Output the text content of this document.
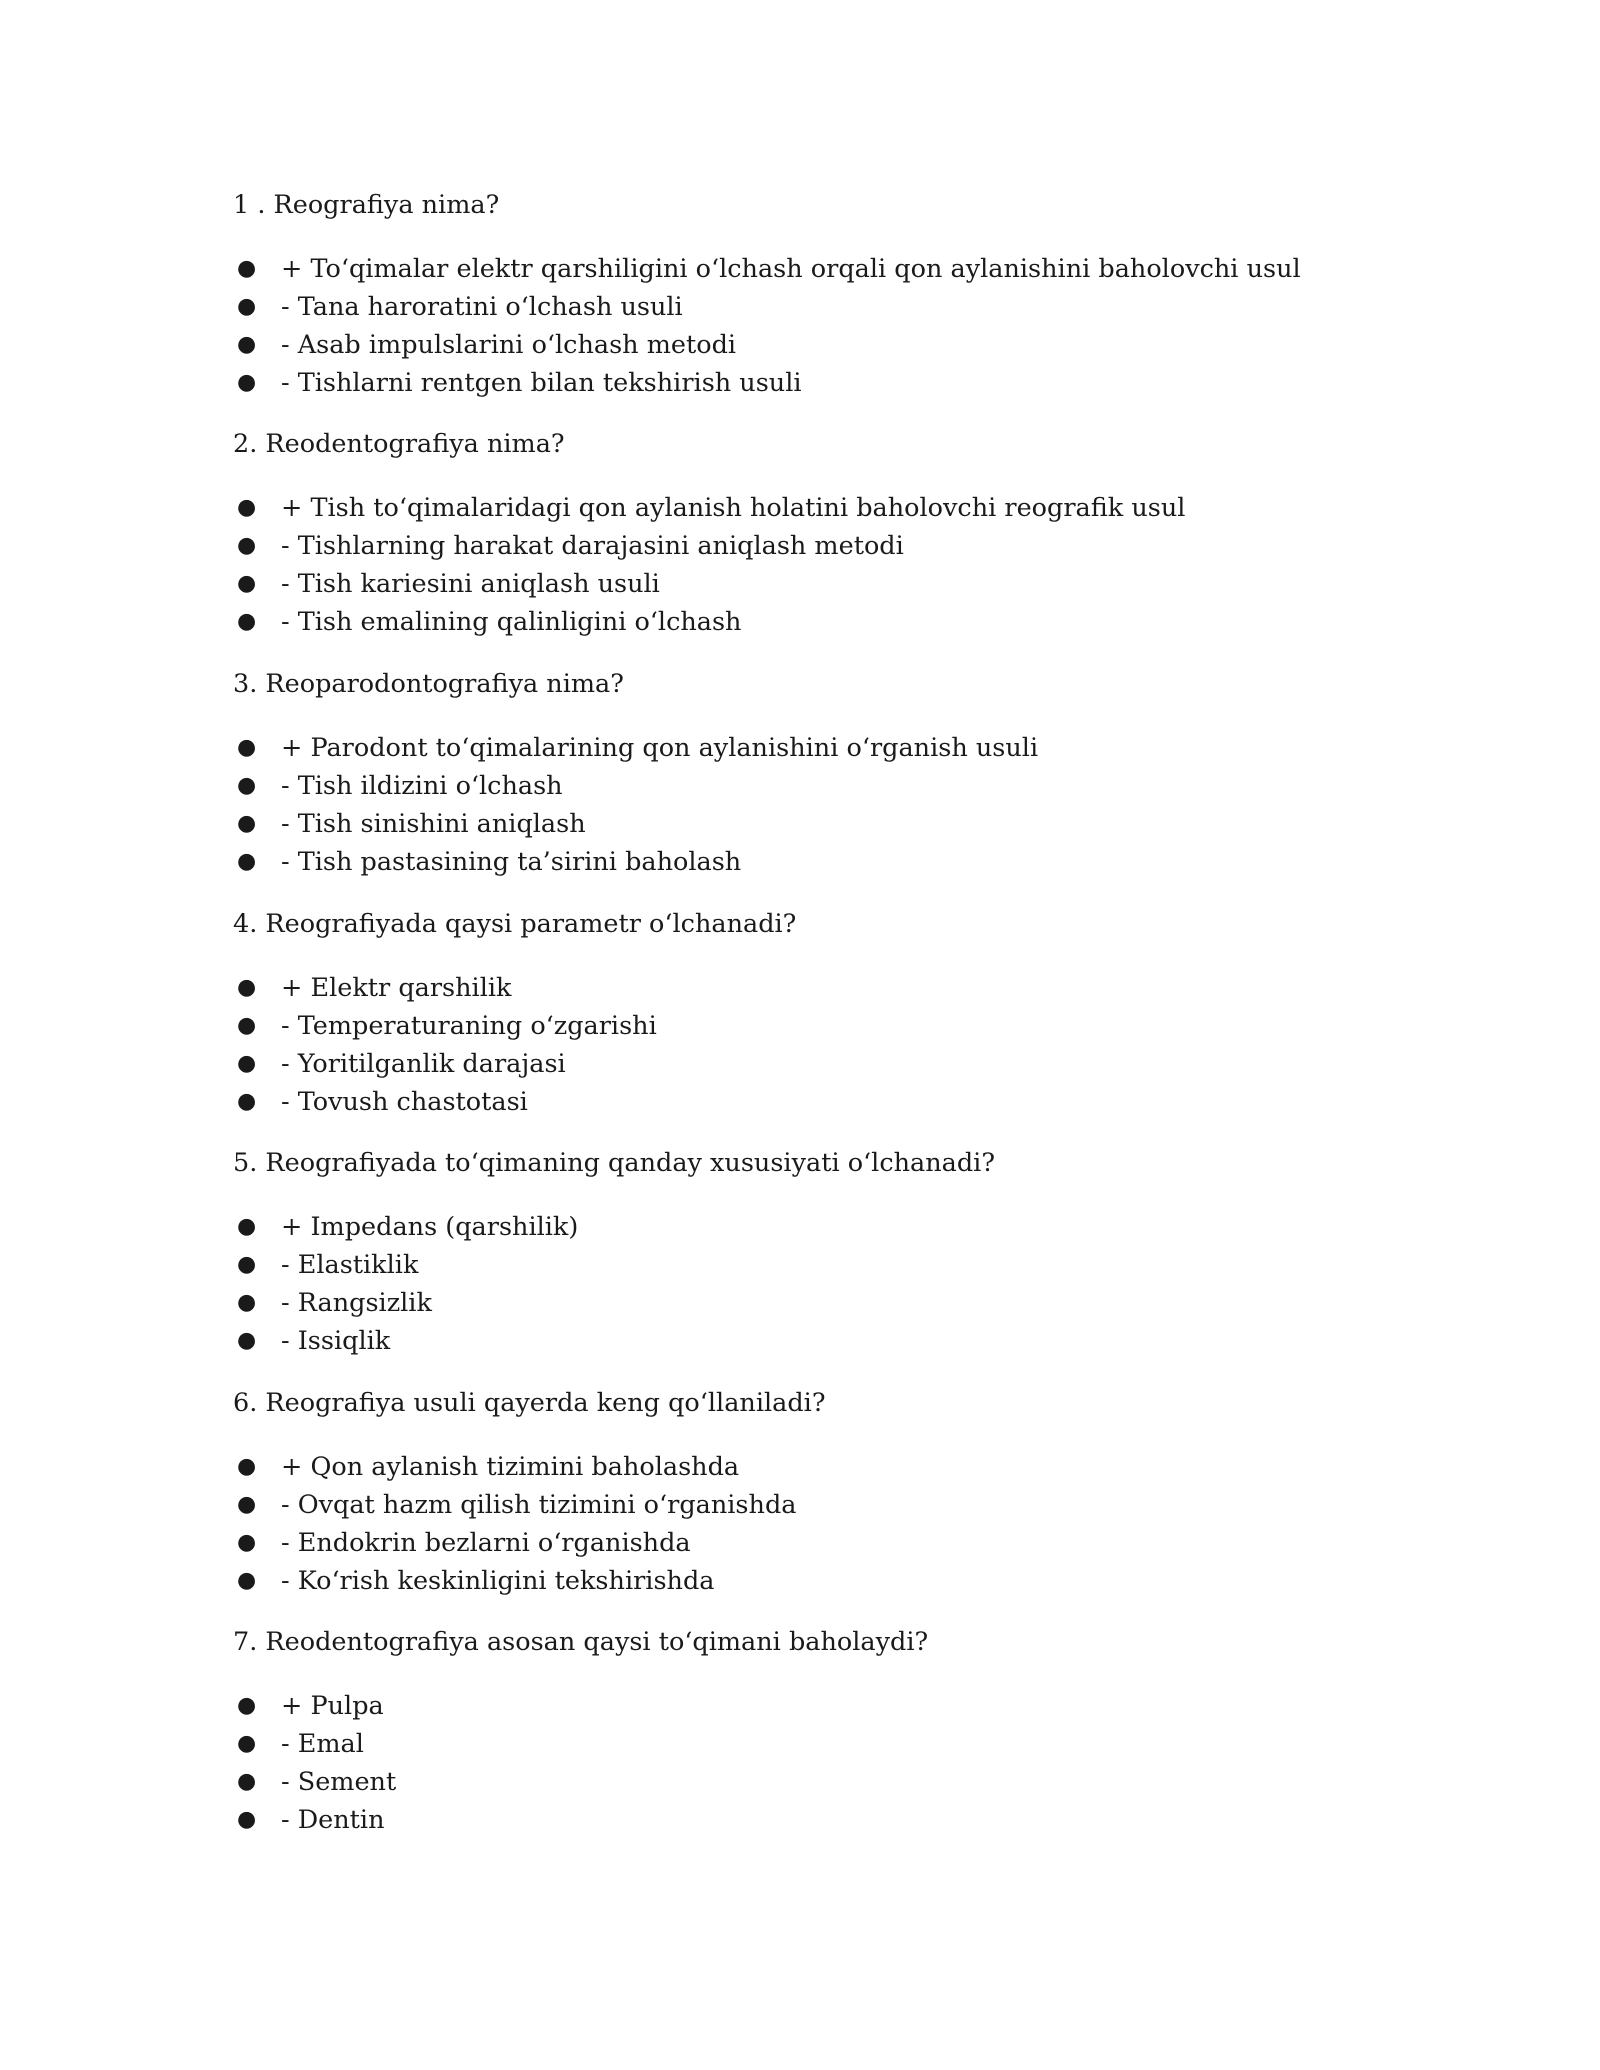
1 . Reografiya nima?

● + To‘qimalar elektr qarshiligini o‘lchash orqali qon aylanishini baholovchi usul
● - Tana haroratini o‘lchash usuli
● - Asab impulslarini o‘lchash metodi
● - Tishlarni rentgen bilan tekshirish usuli

2. Reodentografiya nima?

● + Tish to‘qimalaridagi qon aylanish holatini baholovchi reografik usul
● - Tishlarning harakat darajasini aniqlash metodi
● - Tish kariesini aniqlash usuli
● - Tish emalining qalinligini o‘lchash

3. Reoparodontografiya nima?

● + Parodont to‘qimalarining qon aylanishini o‘rganish usuli
● - Tish ildizini o‘lchash
● - Tish sinishini aniqlash
● - Tish pastasining ta’sirini baholash

4. Reografiyada qaysi parametr o‘lchanadi?

● + Elektr qarshilik
● - Temperaturaning o‘zgarishi
● - Yoritilganlik darajasi
● - Tovush chastotasi

5. Reografiyada to‘qimaning qanday xususiyati o‘lchanadi?

● + Impedans (qarshilik)
● - Elastiklik
● - Rangsizlik
● - Issiqlik

6. Reografiya usuli qayerda keng qo‘llaniladi?

● + Qon aylanish tizimini baholashda
● - Ovqat hazm qilish tizimini o‘rganishda
● - Endokrin bezlarni o‘rganishda
● - Ko‘rish keskinligini tekshirishda

7. Reodentografiya asosan qaysi to‘qimani baholaydi?

● + Pulpa
● - Emal
● - Sement
● - Dentin
